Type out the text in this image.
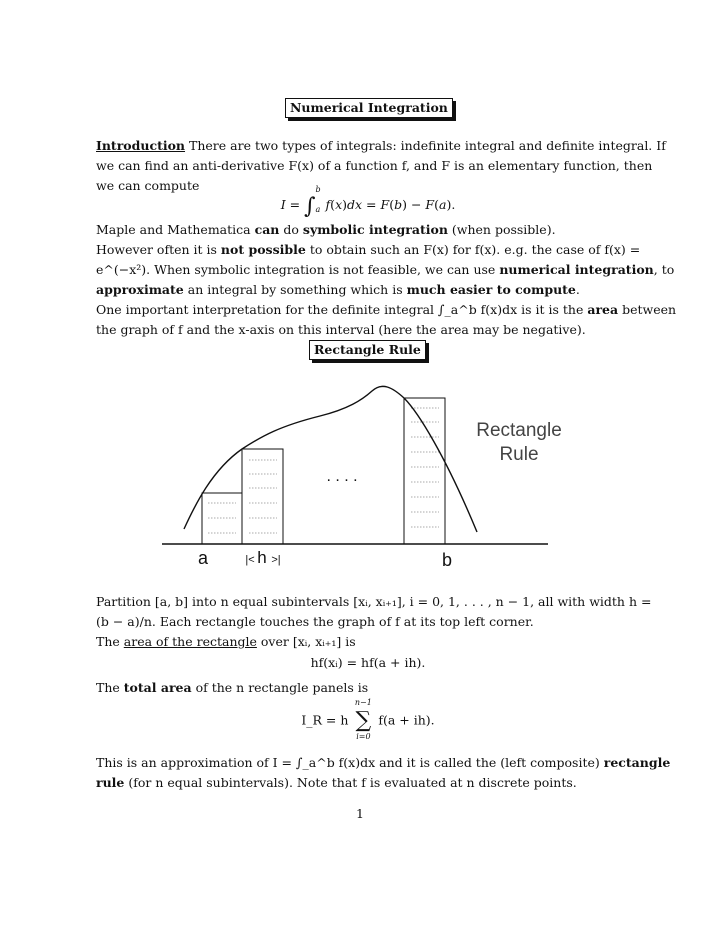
Numerical Integration
Introduction There are two types of integrals: indefinite integral and definite integral. If
we can find an anti-derivative F(x) of a function f, and F is an elementary function, then
we can compute
I = ∫
b
a f(x)dx = F(b) − F(a).
Maple and Mathematica can do symbolic integration (when possible).
However often it is not possible to obtain such an F(x) for f(x). e.g. the case of f(x) =
e^(−x²). When symbolic integration is not feasible, we can use numerical integration, to
approximate an integral by something which is much easier to compute.
One important interpretation for the definite integral ∫_a^b f(x)dx is it is the area between
the graph of f and the x-axis on this interval (here the area may be negative).
Rectangle Rule
Rectangle
Rule
. . . .
a	b
|< h >|
Partition [a, b] into n equal subintervals [xᵢ, xᵢ₊₁], i = 0, 1, . . . , n − 1, all with width h =
(b − a)/n. Each rectangle touches the graph of f at its top left corner.
The area of the rectangle over [xᵢ, xᵢ₊₁] is
hf(xᵢ) = hf(a + ih).
The total area of the n rectangle panels is
I_R = h
n−1
∑
i=0
f(a + ih).
This is an approximation of I = ∫_a^b f(x)dx and it is called the (left composite) rectangle
rule (for n equal subintervals). Note that f is evaluated at n discrete points.
1
